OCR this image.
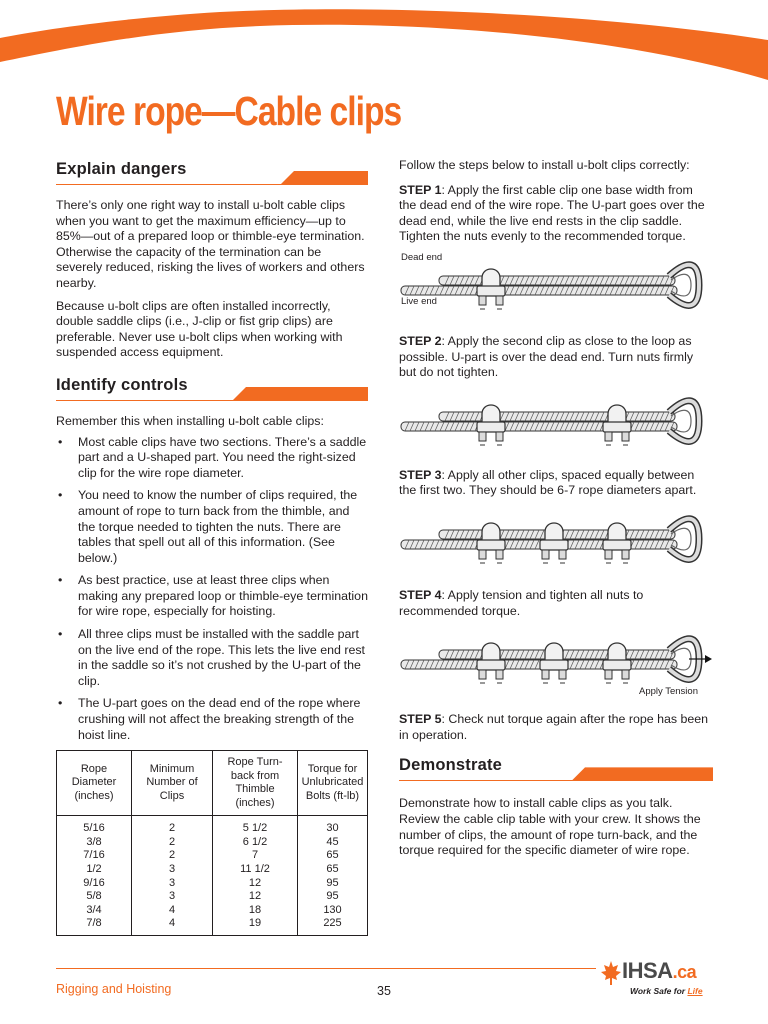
Wire rope—Cable clips
Explain dangers

There’s only one right way to install u-bolt cable clips when you want to get the maximum efficiency—up to 85%—out of a prepared loop or thimble-eye termination. Otherwise the capacity of the termination can be severely reduced, risking the lives of workers and others nearby.

Because u-bolt clips are often installed incorrectly, double saddle clips (i.e., J-clip or fist grip clips) are preferable. Never use u-bolt clips when working with suspended access equipment.

Identify controls

Remember this when installing u-bolt cable clips:

• Most cable clips have two sections. There’s a saddle part and a U-shaped part. You need the right-sized clip for the wire rope diameter.
• You need to know the number of clips required, the amount of rope to turn back from the thimble, and the torque needed to tighten the nuts. There are tables that spell out all of this information. (See below.)
• As best practice, use at least three clips when making any prepared loop or thimble-eye termination for wire rope, especially for hoisting.
• All three clips must be installed with the saddle part on the live end of the rope. This lets the live end rest in the saddle so it’s not crushed by the U-part of the clip.
• The U-part goes on the dead end of the rope where crushing will not affect the breaking strength of the hoist line.
Rope Diameter (inches)	Minimum Number of Clips	Rope Turn-back from Thimble (inches)	Torque for Unlubricated Bolts (ft-lb)
5/16	2	5 1/2	30
3/8	2	6 1/2	45
7/16	2	7	65
1/2	3	11 1/2	65
9/16	3	12	95
5/8	3	12	95
3/4	4	18	130
7/8	4	19	225

Follow the steps below to install u-bolt clips correctly:

STEP 1: Apply the first cable clip one base width from the dead end of the wire rope. The U-part goes over the dead end, while the live end rests in the clip saddle. Tighten the nuts evenly to the recommended torque.

Dead end
Live end

STEP 2: Apply the second clip as close to the loop as possible. U-part is over the dead end. Turn nuts firmly but do not tighten.

STEP 3: Apply all other clips, spaced equally between the first two. They should be 6-7 rope diameters apart.

STEP 4: Apply tension and tighten all nuts to recommended torque.

Apply Tension

STEP 5: Check nut torque again after the rope has been in operation.

Demonstrate

Demonstrate how to install cable clips as you talk. Review the cable clip table with your crew. It shows the number of clips, the amount of rope turn-back, and the torque required for the specific diameter of wire rope.

Rigging and Hoisting	35
IHSA.ca
Work Safe for Life
